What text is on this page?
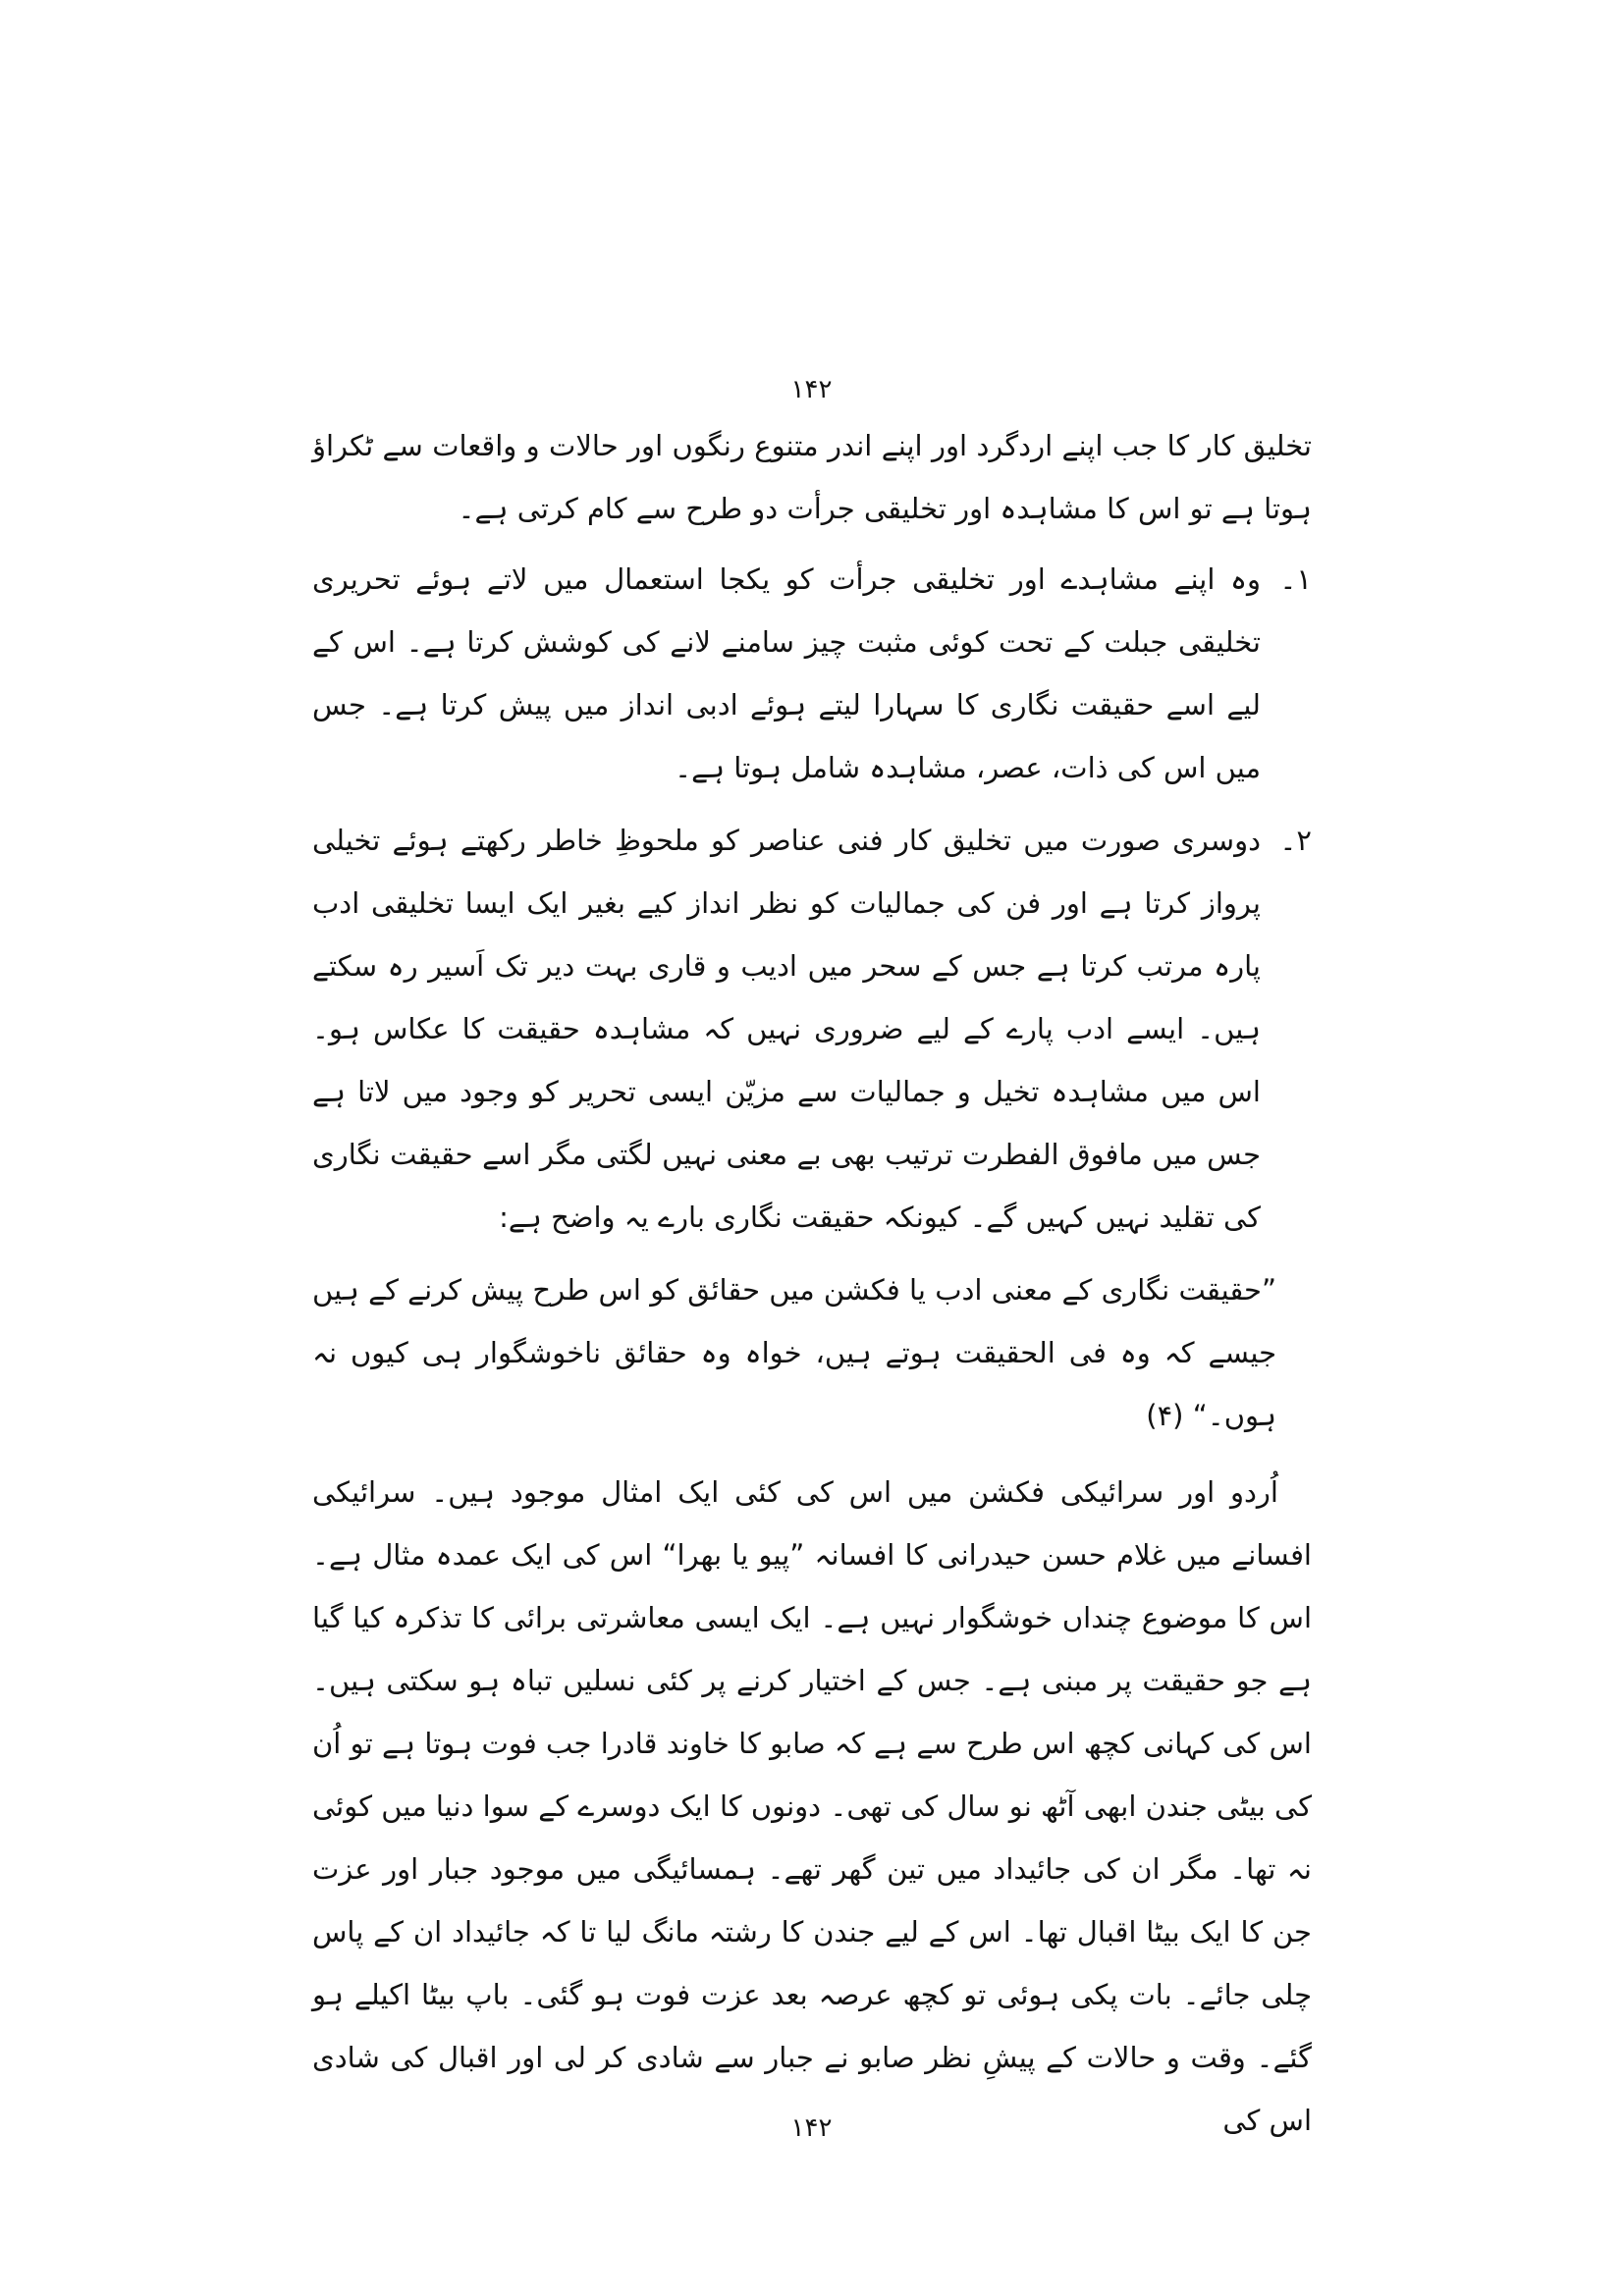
۱۴۲

تخلیق کار کا جب اپنے اردگرد اور اپنے اندر متنوع رنگوں اور حالات و واقعات سے ٹکراؤ ہوتا ہے تو اس کا مشاہدہ اور تخلیقی جرأت دو طرح سے کام کرتی ہے۔

۱۔

وہ اپنے مشاہدے اور تخلیقی جرأت کو یکجا استعمال میں لاتے ہوئے تحریری تخلیقی جبلت کے تحت کوئی مثبت چیز سامنے لانے کی کوشش کرتا ہے۔ اس کے لیے اسے حقیقت نگاری کا سہارا لیتے ہوئے ادبی انداز میں پیش کرتا ہے۔ جس میں اس کی ذات، عصر، مشاہدہ شامل ہوتا ہے۔

۲۔

دوسری صورت میں تخلیق کار فنی عناصر کو ملحوظِ خاطر رکھتے ہوئے تخیلی پرواز کرتا ہے اور فن کی جمالیات کو نظر انداز کیے بغیر ایک ایسا تخلیقی ادب پارہ مرتب کرتا ہے جس کے سحر میں ادیب و قاری بہت دیر تک اَسیر رہ سکتے ہیں۔ ایسے ادب پارے کے لیے ضروری نہیں کہ مشاہدہ حقیقت کا عکاس ہو۔ اس میں مشاہدہ تخیل و جمالیات سے مزیّن ایسی تحریر کو وجود میں لاتا ہے جس میں مافوق الفطرت ترتیب بھی بے معنی نہیں لگتی مگر اسے حقیقت نگاری کی تقلید نہیں کہیں گے۔ کیونکہ حقیقت نگاری بارے یہ واضح ہے:

”حقیقت نگاری کے معنی ادب یا فکشن میں حقائق کو اس طرح پیش کرنے کے ہیں جیسے کہ وہ فی الحقیقت ہوتے ہیں، خواہ وہ حقائق ناخوشگوار ہی کیوں نہ ہوں۔“ (۴)

اُردو اور سرائیکی فکشن میں اس کی کئی ایک امثال موجود ہیں۔ سرائیکی افسانے میں غلام حسن حیدرانی کا افسانہ ”پیو یا بھرا“ اس کی ایک عمدہ مثال ہے۔ اس کا موضوع چنداں خوشگوار نہیں ہے۔ ایک ایسی معاشرتی برائی کا تذکرہ کیا گیا ہے جو حقیقت پر مبنی ہے۔ جس کے اختیار کرنے پر کئی نسلیں تباہ ہو سکتی ہیں۔ اس کی کہانی کچھ اس طرح سے ہے کہ صابو کا خاوند قادرا جب فوت ہوتا ہے تو اُن کی بیٹی جندن ابھی آٹھ نو سال کی تھی۔ دونوں کا ایک دوسرے کے سوا دنیا میں کوئی نہ تھا۔ مگر ان کی جائیداد میں تین گھر تھے۔ ہمسائیگی میں موجود جبار اور عزت جن کا ایک بیٹا اقبال تھا۔ اس کے لیے جندن کا رشتہ مانگ لیا تا کہ جائیداد ان کے پاس چلی جائے۔ بات پکی ہوئی تو کچھ عرصہ بعد عزت فوت ہو گئی۔ باپ بیٹا اکیلے ہو گئے۔ وقت و حالات کے پیشِ نظر صابو نے جبار سے شادی کر لی اور اقبال کی شادی اس کی

۱۴۲
